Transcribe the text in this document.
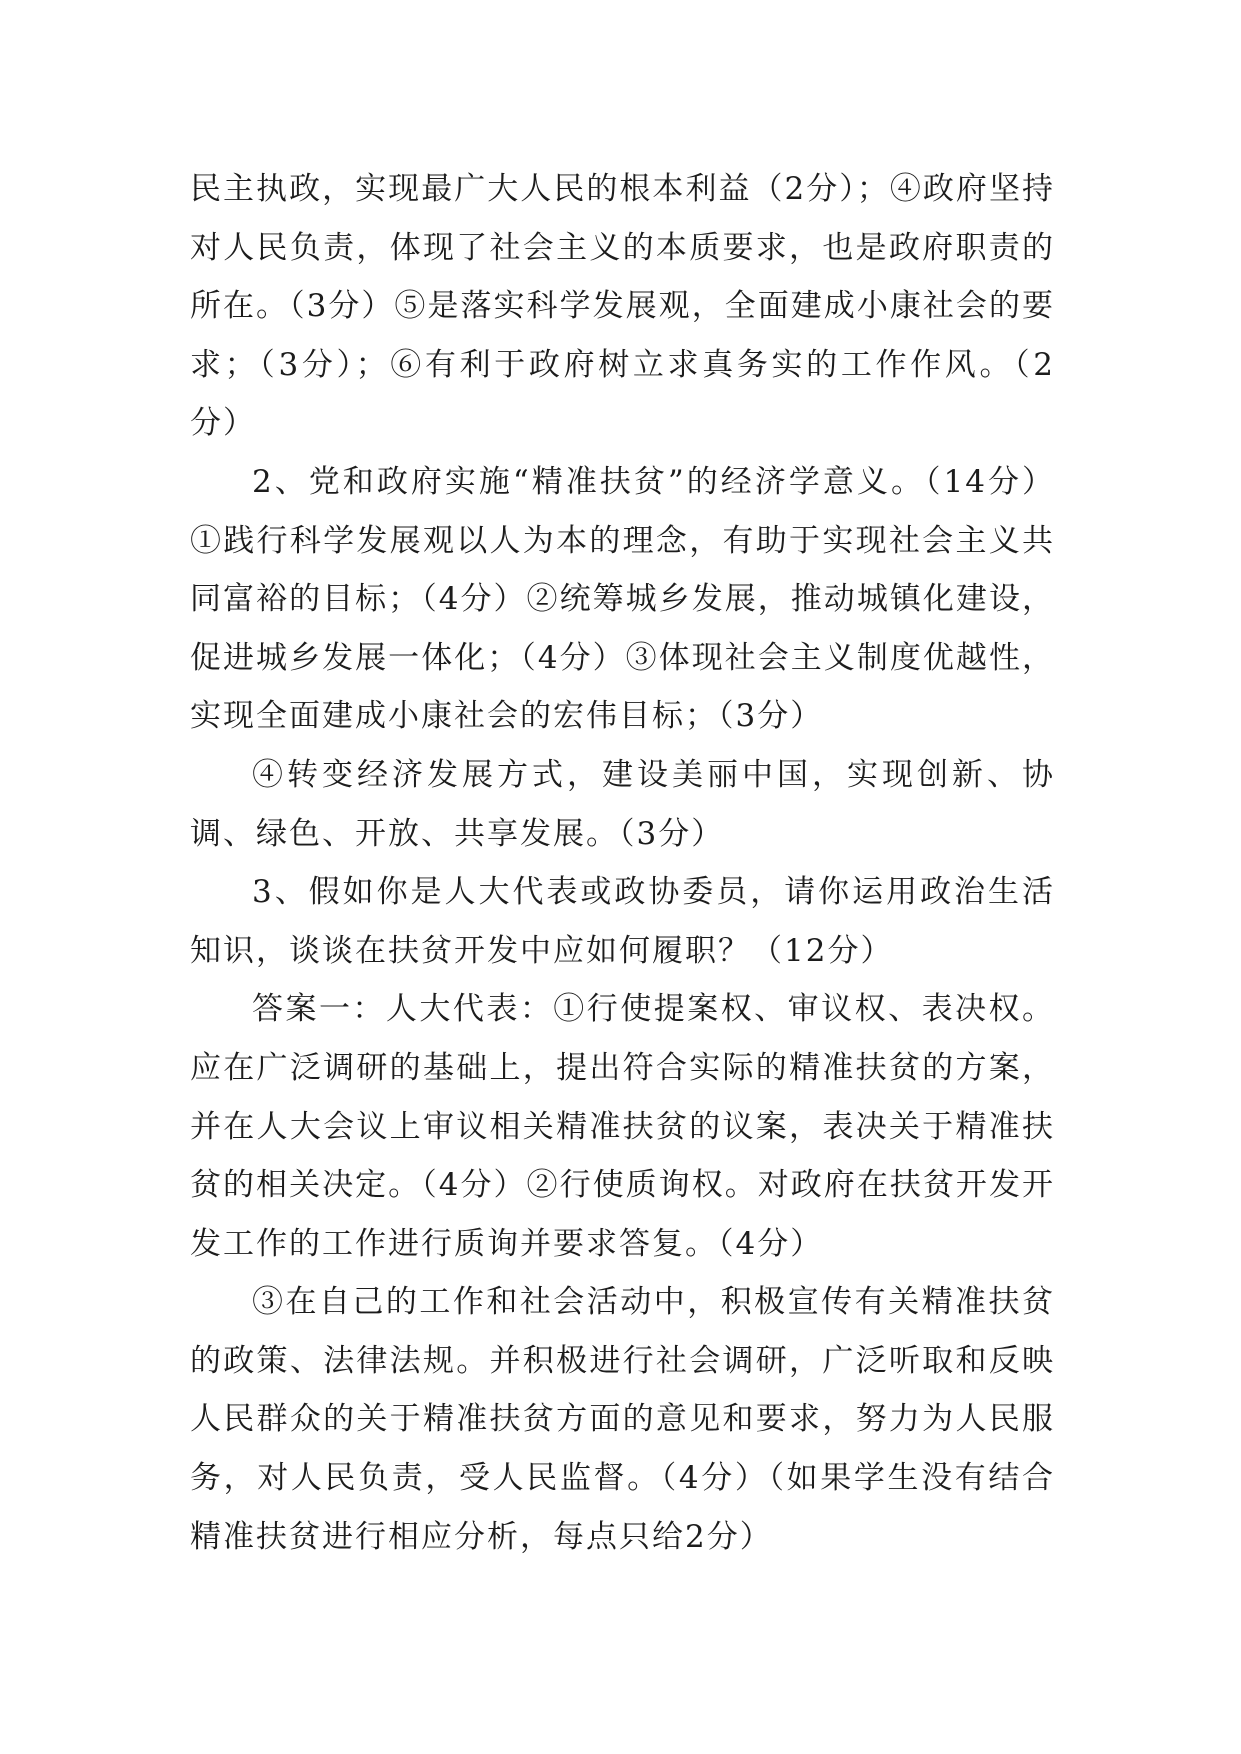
民主执政，实现最广大人民的根本利益（2分）；④政府坚持对人民负责，体现了社会主义的本质要求，也是政府职责的所在。（3分）⑤是落实科学发展观，全面建成小康社会的要求；（3分）；⑥有利于政府树立求真务实的工作作风。（2分）

2、党和政府实施“精准扶贫”的经济学意义。（14分）①践行科学发展观以人为本的理念，有助于实现社会主义共同富裕的目标；（4分）②统筹城乡发展，推动城镇化建设，促进城乡发展一体化；（4分）③体现社会主义制度优越性，实现全面建成小康社会的宏伟目标；（3分）

④转变经济发展方式，建设美丽中国，实现创新、协调、绿色、开放、共享发展。（3分）

3、假如你是人大代表或政协委员，请你运用政治生活知识，谈谈在扶贫开发中应如何履职？（12分）

答案一：人大代表：①行使提案权、审议权、表决权。应在广泛调研的基础上，提出符合实际的精准扶贫的方案，并在人大会议上审议相关精准扶贫的议案，表决关于精准扶贫的相关决定。（4分）②行使质询权。对政府在扶贫开发开发工作的工作进行质询并要求答复。（4分）

③在自己的工作和社会活动中，积极宣传有关精准扶贫的政策、法律法规。并积极进行社会调研，广泛听取和反映人民群众的关于精准扶贫方面的意见和要求，努力为人民服务，对人民负责，受人民监督。（4分）（如果学生没有结合精准扶贫进行相应分析，每点只给2分）
